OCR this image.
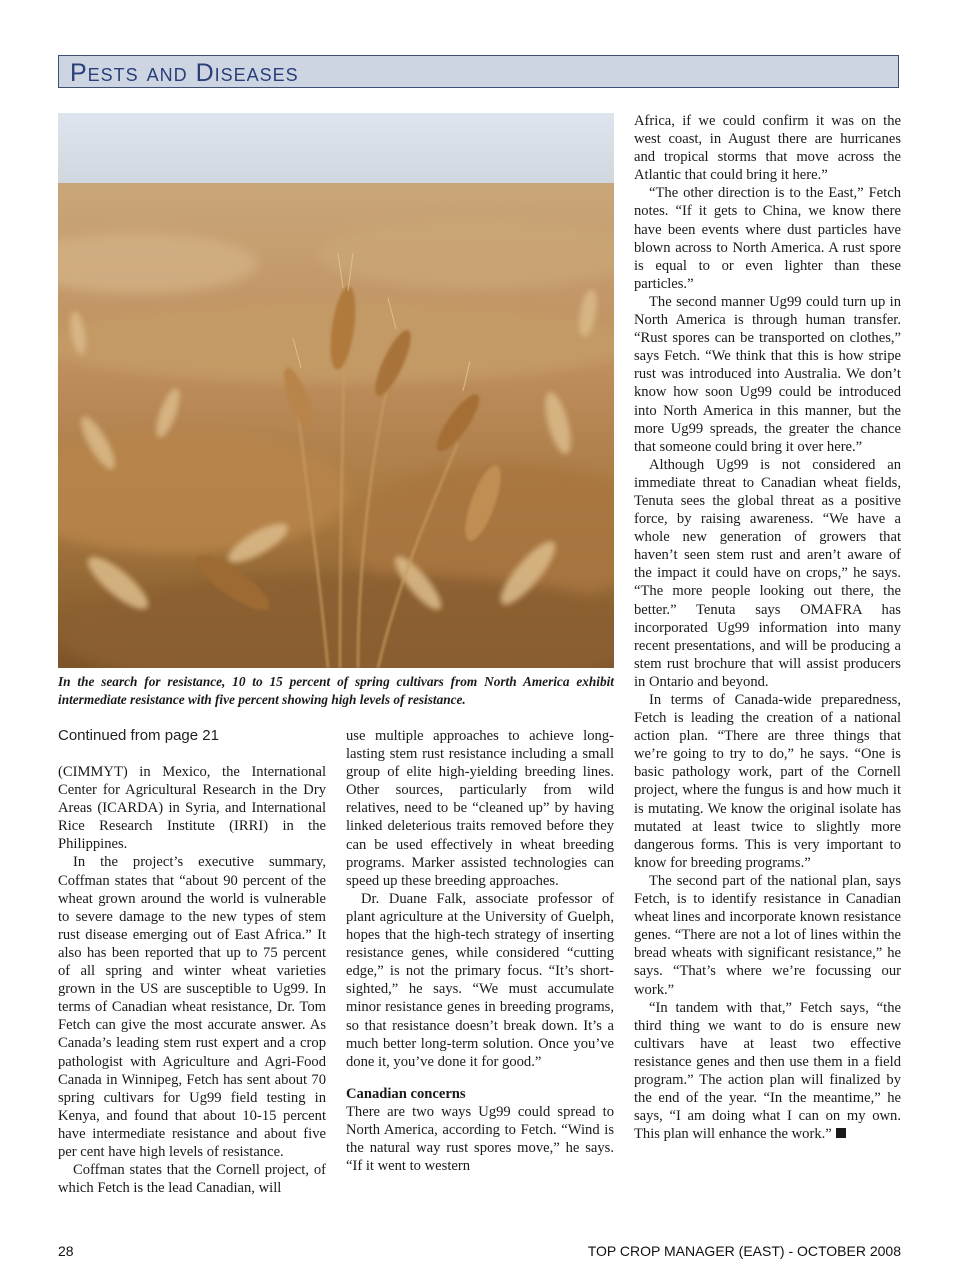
Pests and Diseases
In the search for resistance, 10 to 15 percent of spring cultivars from North America exhibit intermediate resistance with five percent showing high levels of resistance.
Continued from page 21

(CIMMYT) in Mexico, the International Center for Agricultural Research in the Dry Areas (ICARDA) in Syria, and International Rice Research Institute (IRRI) in the Philippines.

In the project’s executive summary, Coffman states that “about 90 percent of the wheat grown around the world is vulnerable to severe damage to the new types of stem rust disease emerging out of East Africa.” It also has been reported that up to 75 percent of all spring and winter wheat varieties grown in the US are susceptible to Ug99. In terms of Canadian wheat resistance, Dr. Tom Fetch can give the most accurate answer. As Canada’s leading stem rust expert and a crop pathologist with Agriculture and Agri-Food Canada in Winnipeg, Fetch has sent about 70 spring cultivars for Ug99 field testing in Kenya, and found that about 10-15 percent have intermediate resistance and about five per cent have high levels of resistance.

Coffman states that the Cornell project, of which Fetch is the lead Canadian, will

use multiple approaches to achieve long-lasting stem rust resistance including a small group of elite high-yielding breeding lines. Other sources, particularly from wild relatives, need to be “cleaned up” by having linked deleterious traits removed before they can be used effectively in wheat breeding programs. Marker assisted technologies can speed up these breeding approaches.

Dr. Duane Falk, associate professor of plant agriculture at the University of Guelph, hopes that the high-tech strategy of inserting resistance genes, while considered “cutting edge,” is not the primary focus. “It’s short-sighted,” he says. “We must accumulate minor resistance genes in breeding programs, so that resistance doesn’t break down. It’s a much better long-term solution. Once you’ve done it, you’ve done it for good.”

Canadian concerns

There are two ways Ug99 could spread to North America, according to Fetch. “Wind is the natural way rust spores move,” he says. “If it went to western

Africa, if we could confirm it was on the west coast, in August there are hurricanes and tropical storms that move across the Atlantic that could bring it here.”

“The other direction is to the East,” Fetch notes. “If it gets to China, we know there have been events where dust particles have blown across to North America. A rust spore is equal to or even lighter than these particles.”

The second manner Ug99 could turn up in North America is through human transfer. “Rust spores can be transported on clothes,” says Fetch. “We think that this is how stripe rust was introduced into Australia. We don’t know how soon Ug99 could be introduced into North America in this manner, but the more Ug99 spreads, the greater the chance that someone could bring it over here.”

Although Ug99 is not considered an immediate threat to Canadian wheat fields, Tenuta sees the global threat as a positive force, by raising awareness. “We have a whole new generation of growers that haven’t seen stem rust and aren’t aware of the impact it could have on crops,” he says. “The more people looking out there, the better.” Tenuta says OMAFRA has incorporated Ug99 information into many recent presentations, and will be producing a stem rust brochure that will assist producers in Ontario and beyond.

In terms of Canada-wide preparedness, Fetch is leading the creation of a national action plan. “There are three things that we’re going to try to do,” he says. “One is basic pathology work, part of the Cornell project, where the fungus is and how much it is mutating. We know the original isolate has mutated at least twice to slightly more dangerous forms. This is very important to know for breeding programs.”

The second part of the national plan, says Fetch, is to identify resistance in Canadian wheat lines and incorporate known resistance genes. “There are not a lot of lines within the bread wheats with significant resistance,” he says. “That’s where we’re focussing our work.”

“In tandem with that,” Fetch says, “the third thing we want to do is ensure new cultivars have at least two effective resistance genes and then use them in a field program.” The action plan will finalized by the end of the year. “In the meantime,” he says, “I am doing what I can on my own. This plan will enhance the work.”

28	TOP CROP MANAGER (EAST) - OCTOBER 2008
